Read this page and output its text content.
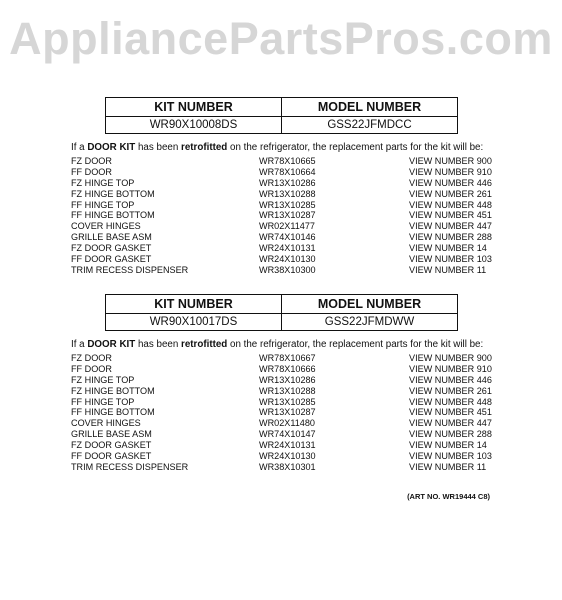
AppliancePartsPros.com
KIT NUMBER	MODEL NUMBER
WR90X10008DS	GSS22JFMDCC
If a DOOR KIT has been retrofitted on the refrigerator, the replacement parts for the kit will be:
FZ DOOR	WR78X10665	VIEW NUMBER 900
FF DOOR	WR78X10664	VIEW NUMBER 910
FZ HINGE TOP	WR13X10286	VIEW NUMBER 446
FZ HINGE BOTTOM	WR13X10288	VIEW NUMBER 261
FF HINGE TOP	WR13X10285	VIEW NUMBER 448
FF HINGE BOTTOM	WR13X10287	VIEW NUMBER 451
COVER HINGES	WR02X11477	VIEW NUMBER 447
GRILLE BASE ASM	WR74X10146	VIEW NUMBER 288
FZ DOOR GASKET	WR24X10131	VIEW NUMBER 14
FF DOOR GASKET	WR24X10130	VIEW NUMBER 103
TRIM RECESS DISPENSER	WR38X10300	VIEW NUMBER 11
KIT NUMBER	MODEL NUMBER
WR90X10017DS	GSS22JFMDWW
If a DOOR KIT has been retrofitted on the refrigerator, the replacement parts for the kit will be:
FZ DOOR	WR78X10667	VIEW NUMBER 900
FF DOOR	WR78X10666	VIEW NUMBER 910
FZ HINGE TOP	WR13X10286	VIEW NUMBER 446
FZ HINGE BOTTOM	WR13X10288	VIEW NUMBER 261
FF HINGE TOP	WR13X10285	VIEW NUMBER 448
FF HINGE BOTTOM	WR13X10287	VIEW NUMBER 451
COVER HINGES	WR02X11480	VIEW NUMBER 447
GRILLE BASE ASM	WR74X10147	VIEW NUMBER 288
FZ DOOR GASKET	WR24X10131	VIEW NUMBER 14
FF DOOR GASKET	WR24X10130	VIEW NUMBER 103
TRIM RECESS DISPENSER	WR38X10301	VIEW NUMBER 11
(ART NO. WR19444 C8)
